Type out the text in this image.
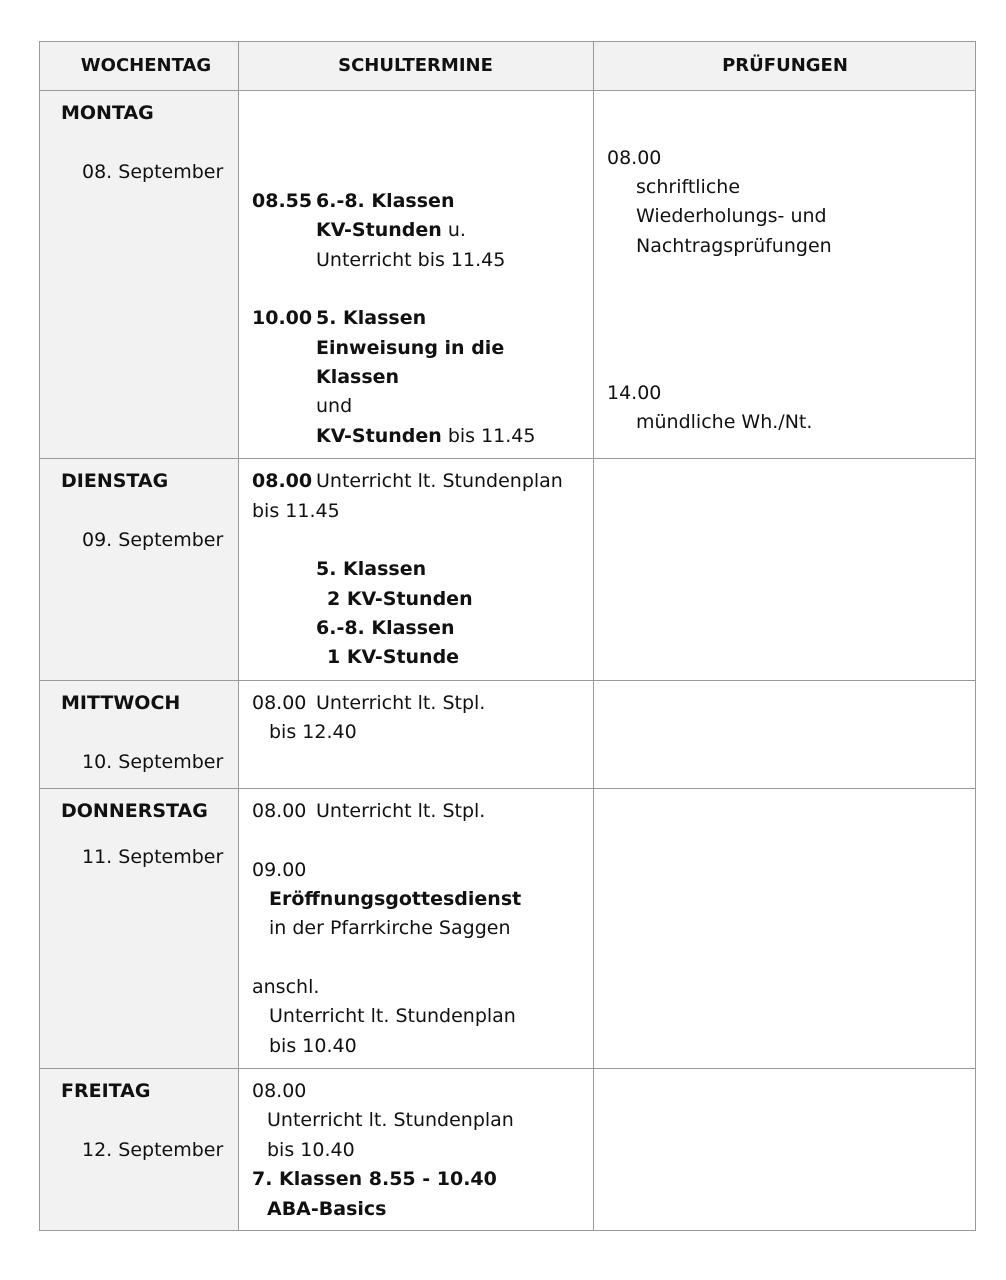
WOCHENTAG	SCHULTERMINE	PRÜFUNGEN
MONTAG
08. September
08.55 6.-8. Klassen
KV-Stunden u.
Unterricht bis 11.45
10.00 5. Klassen
Einweisung in die
Klassen
und
KV-Stunden bis 11.45
08.00
schriftliche
Wiederholungs- und
Nachtragsprüfungen
14.00
mündliche Wh./Nt.
DIENSTAG
09. September
08.00 Unterricht lt. Stundenplan
bis 11.45
5. Klassen
2 KV-Stunden
6.-8. Klassen
1 KV-Stunde
MITTWOCH
10. September
08.00 Unterricht lt. Stpl.
bis 12.40
DONNERSTAG
11. September
08.00 Unterricht lt. Stpl.
09.00
Eröffnungsgottesdienst
in der Pfarrkirche Saggen
anschl.
Unterricht lt. Stundenplan
bis 10.40
FREITAG
12. September
08.00
Unterricht lt. Stundenplan
bis 10.40
7. Klassen 8.55 - 10.40
ABA-Basics
